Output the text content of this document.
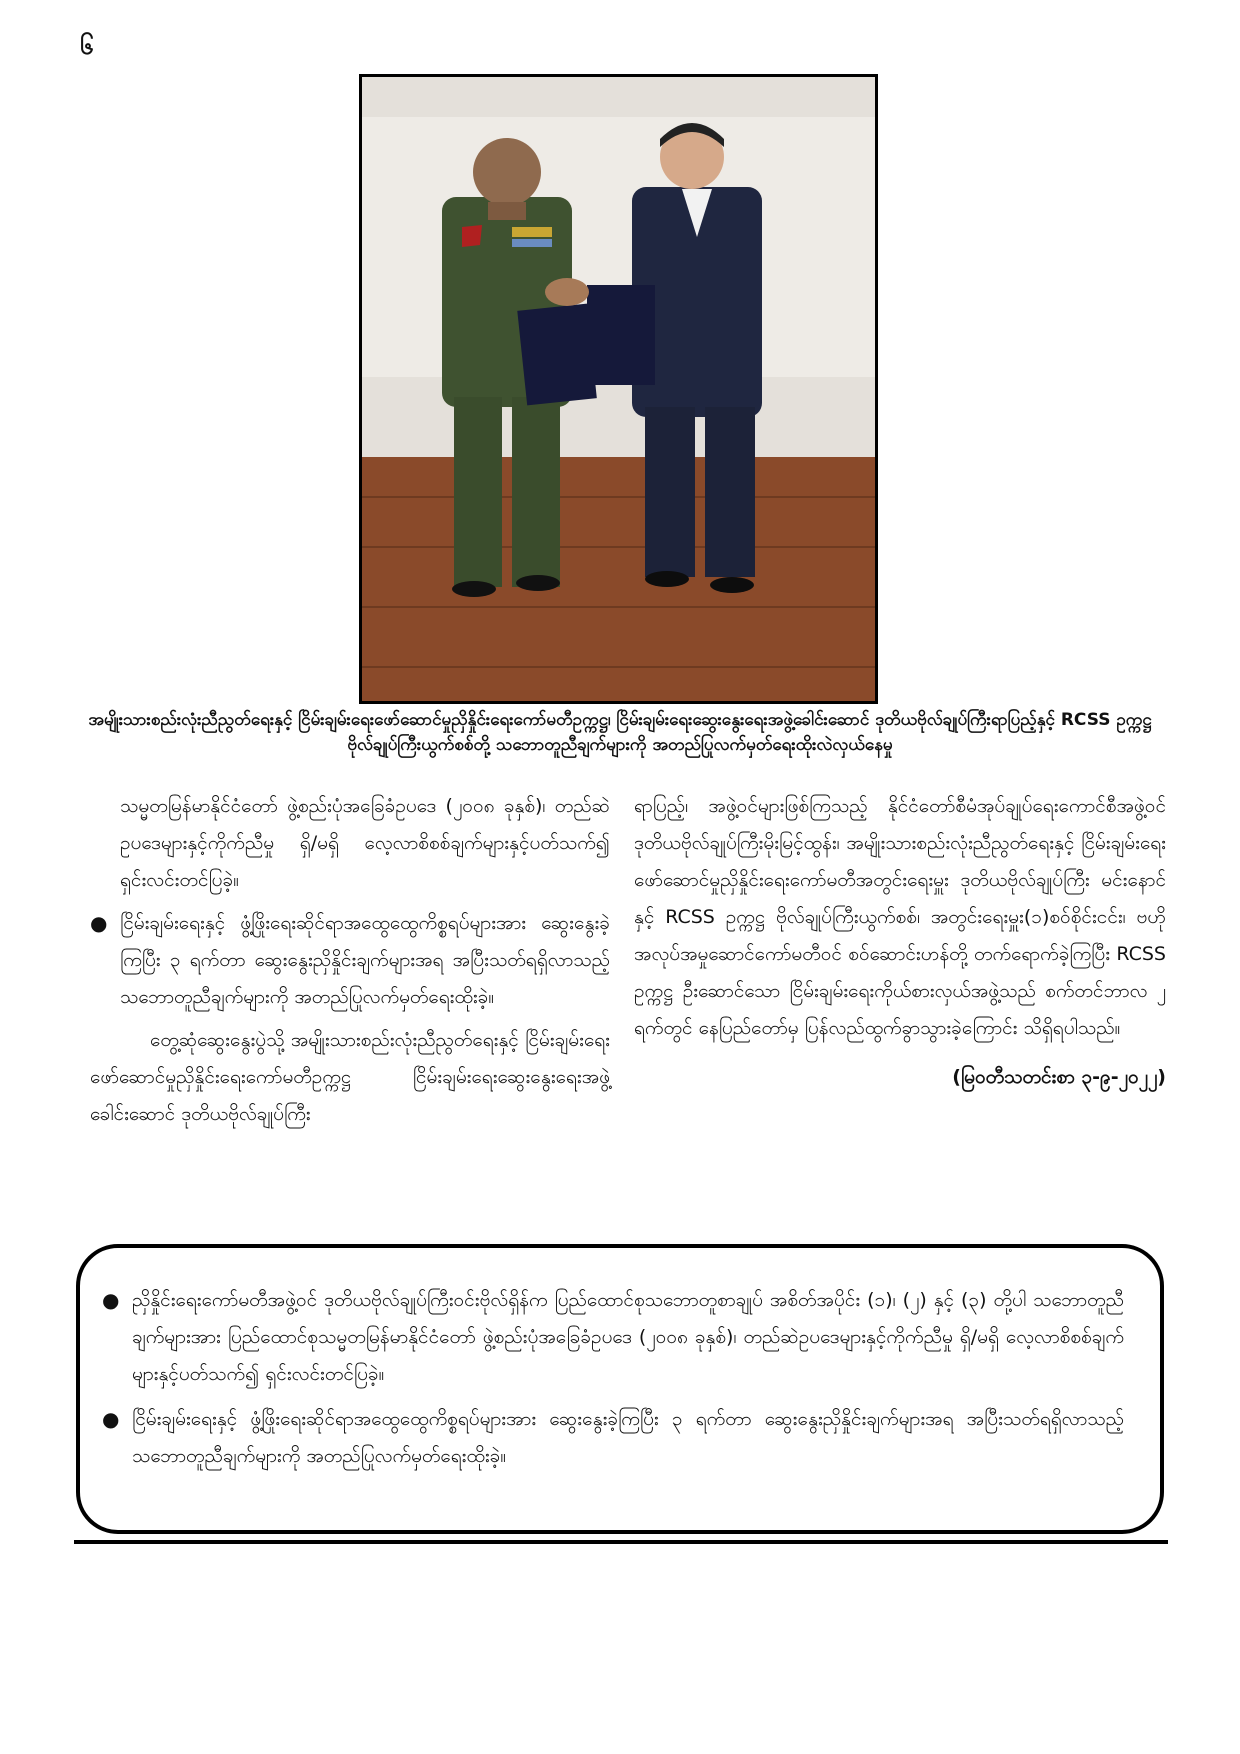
၆
အမျိုးသားစည်းလုံးညီညွတ်ရေးနှင့် ငြိမ်းချမ်းရေးဖော်ဆောင်မှုညှိနှိုင်းရေးကော်မတီဥက္ကဋ္ဌ၊ ငြိမ်းချမ်းရေးဆွေးနွေးရေးအဖွဲ့ခေါင်းဆောင် ဒုတိယဗိုလ်ချုပ်ကြီးရာပြည့်နှင့် RCSS ဥက္ကဋ္ဌ ဗိုလ်ချုပ်ကြီးယွက်စစ်တို့ သဘောတူညီချက်များကို အတည်ပြုလက်မှတ်ရေးထိုးလဲလှယ်နေမှု

သမ္မတမြန်မာနိုင်ငံတော် ဖွဲ့စည်းပုံအခြေခံဥပဒေ (၂၀၀၈ ခုနှစ်)၊ တည်ဆဲဥပဒေများနှင့်ကိုက်ညီမှု ရှိ/မရှိ လေ့လာစိစစ်ချက်များနှင့်ပတ်သက်၍ ရှင်းလင်းတင်ပြခဲ့။

● ငြိမ်းချမ်းရေးနှင့် ဖွံ့ဖြိုးရေးဆိုင်ရာအထွေထွေကိစ္စရပ်များအား ဆွေးနွေးခဲ့ကြပြီး ၃ ရက်တာ ဆွေးနွေးညှိနှိုင်းချက်များအရ အပြီးသတ်ရရှိလာသည့် သဘောတူညီချက်များကို အတည်ပြုလက်မှတ်ရေးထိုးခဲ့။

တွေ့ဆုံဆွေးနွေးပွဲသို့ အမျိုးသားစည်းလုံးညီညွတ်ရေးနှင့် ငြိမ်းချမ်းရေးဖော်ဆောင်မှုညှိနှိုင်းရေးကော်မတီဥက္ကဋ္ဌ ငြိမ်းချမ်းရေးဆွေးနွေးရေးအဖွဲ့ခေါင်းဆောင် ဒုတိယဗိုလ်ချုပ်ကြီး

ရာပြည့်၊ အဖွဲ့ဝင်များဖြစ်ကြသည့် နိုင်ငံတော်စီမံအုပ်ချုပ်ရေးကောင်စီအဖွဲ့ဝင် ဒုတိယဗိုလ်ချုပ်ကြီးမိုးမြင့်ထွန်း၊ အမျိုးသားစည်းလုံးညီညွတ်ရေးနှင့် ငြိမ်းချမ်းရေးဖော်ဆောင်မှုညှိနှိုင်းရေးကော်မတီအတွင်းရေးမှူး ဒုတိယဗိုလ်ချုပ်ကြီး မင်းနောင်နှင့် RCSS ဥက္ကဋ္ဌ ဗိုလ်ချုပ်ကြီးယွက်စစ်၊ အတွင်းရေးမှူး(၁)စဝ်စိုင်းငင်း၊ ဗဟိုအလုပ်အမှုဆောင်ကော်မတီဝင် စဝ်ဆောင်းဟန်တို့ တက်ရောက်ခဲ့ကြပြီး RCSS ဥက္ကဋ္ဌ ဦးဆောင်သော ငြိမ်းချမ်းရေးကိုယ်စားလှယ်အဖွဲ့သည် စက်တင်ဘာလ ၂ ရက်တွင် နေပြည်တော်မှ ပြန်လည်ထွက်ခွာသွားခဲ့ကြောင်း သိရှိရပါသည်။

(မြဝတီသတင်းစာ ၃-၉-၂၀၂၂)

● ညှိနှိုင်းရေးကော်မတီအဖွဲ့ဝင် ဒုတိယဗိုလ်ချုပ်ကြီးဝင်းဗိုလ်ရှိန်က ပြည်ထောင်စုသဘောတူစာချုပ် အစိတ်အပိုင်း (၁)၊ (၂) နှင့် (၃) တို့ပါ သဘောတူညီချက်များအား ပြည်ထောင်စုသမ္မတမြန်မာနိုင်ငံတော် ဖွဲ့စည်းပုံအခြေခံဥပဒေ (၂၀၀၈ ခုနှစ်)၊ တည်ဆဲဥပဒေများနှင့်ကိုက်ညီမှု ရှိ/မရှိ လေ့လာစိစစ်ချက်များနှင့်ပတ်သက်၍ ရှင်းလင်းတင်ပြခဲ့။

● ငြိမ်းချမ်းရေးနှင့် ဖွံ့ဖြိုးရေးဆိုင်ရာအထွေထွေကိစ္စရပ်များအား ဆွေးနွေးခဲ့ကြပြီး ၃ ရက်တာ ဆွေးနွေးညှိနှိုင်းချက်များအရ အပြီးသတ်ရရှိလာသည့် သဘောတူညီချက်များကို အတည်ပြုလက်မှတ်ရေးထိုးခဲ့။
